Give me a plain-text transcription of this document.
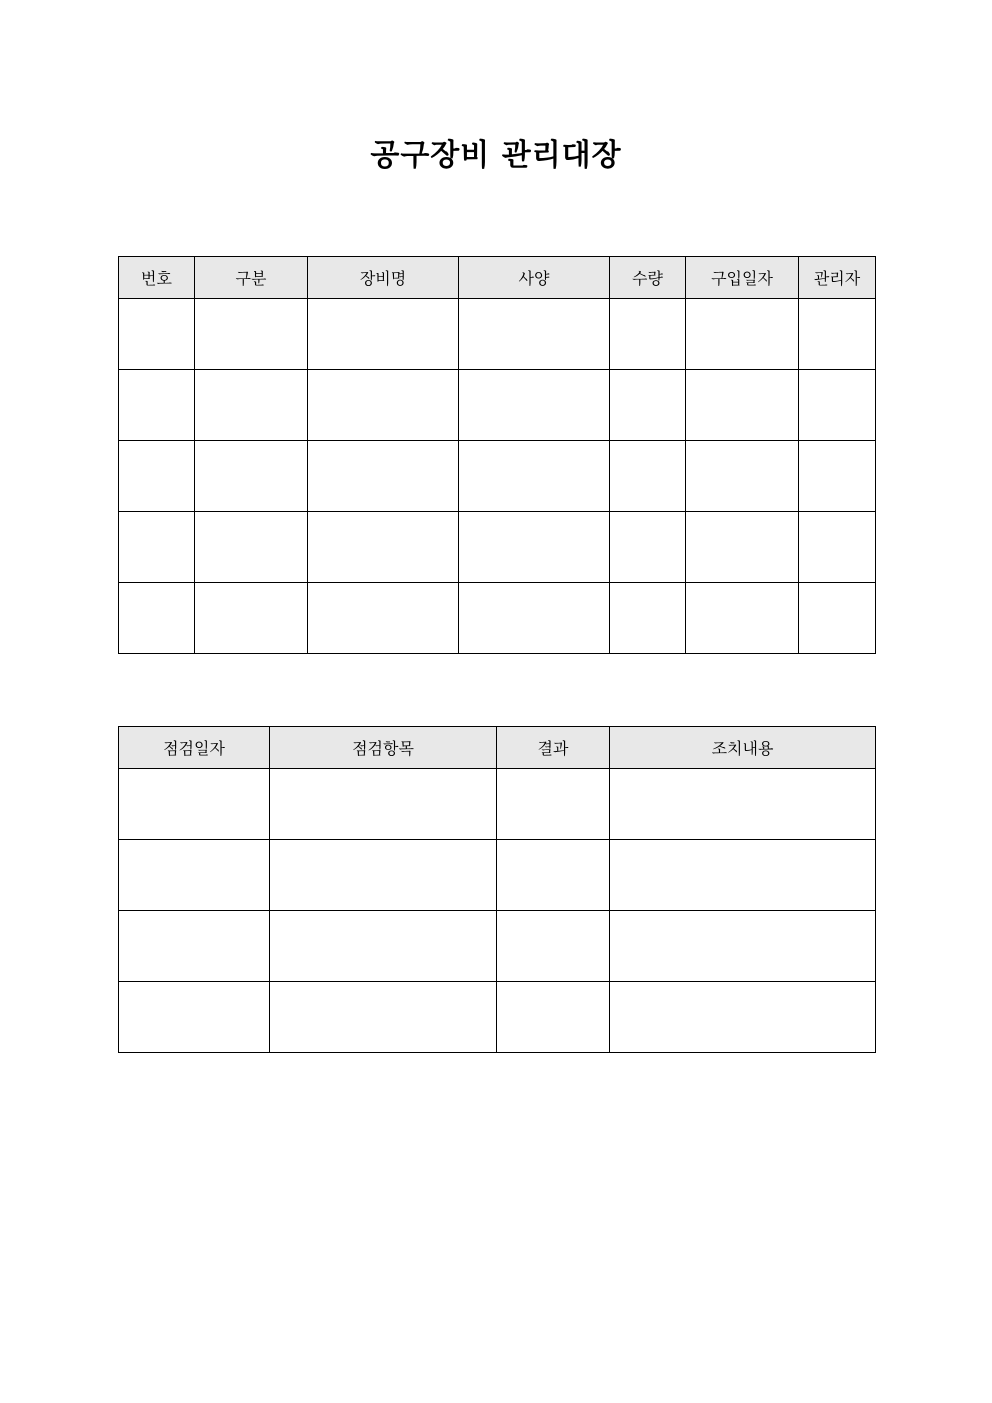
공구장비 관리대장
번호	구분	장비명	사양	수량	구입일자	관리자

점검일자	점검항목	결과	조치내용
